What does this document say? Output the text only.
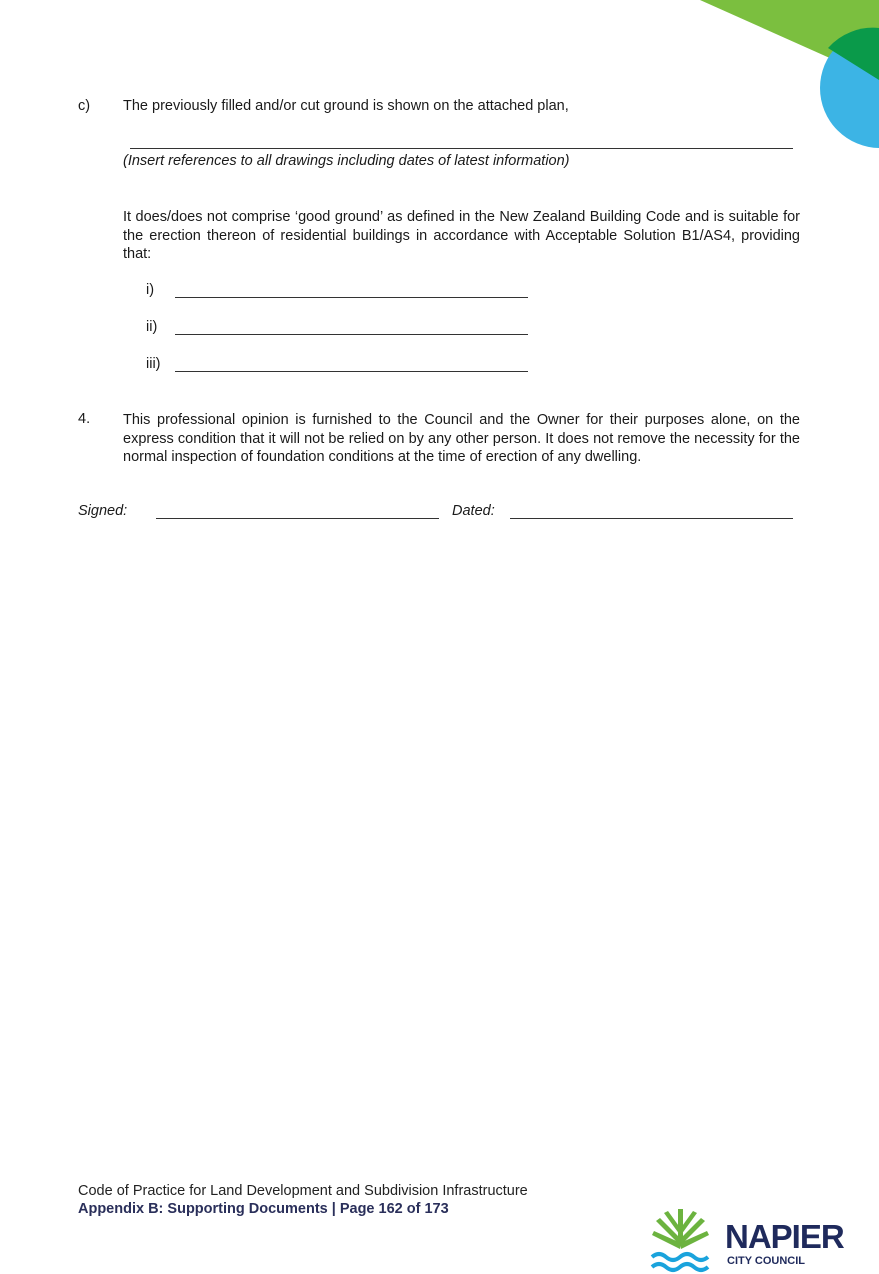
c) The previously filled and/or cut ground is shown on the attached plan,
(Insert references to all drawings including dates of latest information)
It does/does not comprise ‘good ground’ as defined in the New Zealand Building Code and is suitable for the erection thereon of residential buildings in accordance with Acceptable Solution B1/AS4, providing that:
i)
ii)
iii)
4. This professional opinion is furnished to the Council and the Owner for their purposes alone, on the express condition that it will not be relied on by any other person. It does not remove the necessity for the normal inspection of foundation conditions at the time of erection of any dwelling.
Signed:	Dated:
Code of Practice for Land Development and Subdivision Infrastructure
Appendix B: Supporting Documents | Page 162 of 173
NAPIER
CITY COUNCIL
